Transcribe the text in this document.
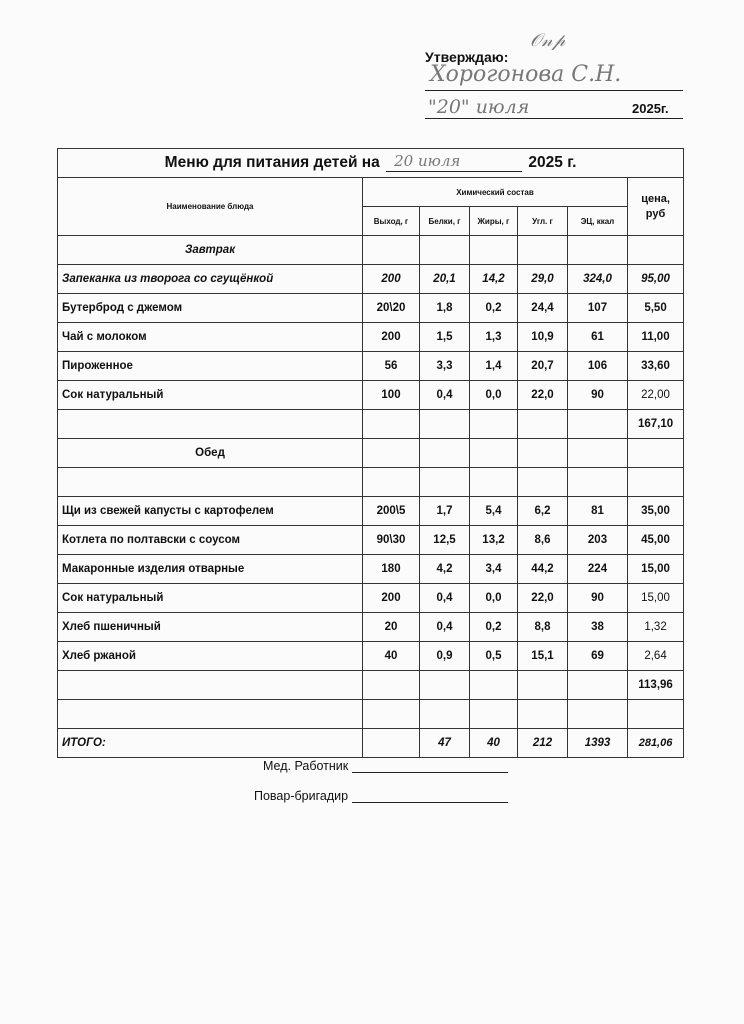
Утверждаю:
𝒪𝓃𝓅
Хорогонова С.Н.
"20" июля	2025г.
Меню для питания детей на 20 июля 2025 г.						
Наименование блюда	Химический состав					цена, руб
	Выход, г	Белки, г	Жиры, г	Угл. г	ЭЦ, ккал	
Завтрак						
Запеканка из творога со сгущёнкой	200	20,1	14,2	29,0	324,0	95,00
Бутерброд с джемом	20\20	1,8	0,2	24,4	107	5,50
Чай с молоком	200	1,5	1,3	10,9	61	11,00
Пироженное	56	3,3	1,4	20,7	106	33,60
Сок натуральный	100	0,4	0,0	22,0	90	22,00
						167,10
Обед						

Щи из свежей капусты с картофелем	200\5	1,7	5,4	6,2	81	35,00
Котлета по полтавски с соусом	90\30	12,5	13,2	8,6	203	45,00
Макаронные изделия отварные	180	4,2	3,4	44,2	224	15,00
Сок натуральный	200	0,4	0,0	22,0	90	15,00
Хлеб пшеничный	20	0,4	0,2	8,8	38	1,32
Хлеб ржаной	40	0,9	0,5	15,1	69	2,64
						113,96

ИТОГО:		47	40	212	1393	281,06
Мед. Работник
Повар-бригадир
